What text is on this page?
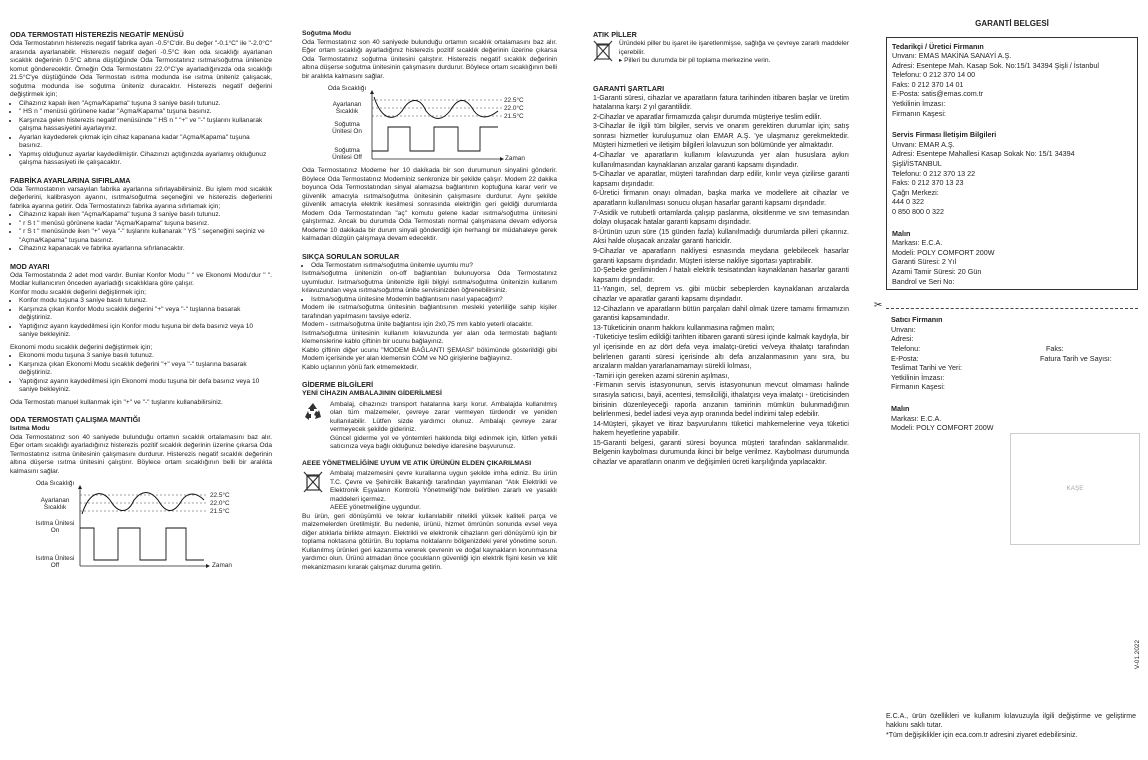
ODA TERMOSTATI HİSTEREZİS NEGATİF MENÜSÜ

Oda Termostatının histerezis negatif fabrika ayarı -0.5°C'dir. Bu değer "-0.1°C" ile "-2.0°C" arasında ayarlanabilir. Histerezis negatif değeri -0.5°C iken oda sıcaklığı ayarlanan sıcaklık değerinin 0.5°C altına düştüğünde Oda Termostatınız ısıtma/soğutma ünitenize komut gönderecektir. Örneğin Oda Termostatını 22.0°C'ye ayarladığınızda oda sıcaklığı 21.5°C'ye düştüğünde Oda Termostatı ısıtma modunda ise ısıtma üniteniz çalışacak, soğutma modunda ise soğutma üniteniz duracaktır. Histerezis negatif değerini değiştirmek için;

• Cihazınız kapalı iken "Açma/Kapama" tuşuna 3 saniye basılı tutunuz.
• " HS n " menüsü görünene kadar "Açma/Kapama" tuşuna basınız.
• Karşınıza gelen histerezis negatif menüsünde " HS n " "+" ve "-" tuşlarını kullanarak çalışma hassasiyetini ayarlayınız.
• Ayarları kaydederek çıkmak için cihaz kapanana kadar "Açma/Kapama" tuşuna basınız.
• Yapmış olduğunuz ayarlar kaydedilmiştir. Cihazınızı açtığınızda ayarlamış olduğunuz çalışma hassasiyeti ile çalışacaktır.
FABRİKA AYARLARINA SIFIRLAMA

Oda Termostatının varsayılan fabrika ayarlarına sıfırlayabilirsiniz. Bu işlem mod sıcaklık değerlerini, kalibrasyon ayarını, ısıtma/soğutma seçeneğini ve histerezis değerlerini fabrika ayarına getirir. Oda Termostatınızı fabrika ayarına sıfırlamak için;

• Cihazınız kapalı iken "Açma/Kapama" tuşuna 3 saniye basılı tutunuz.
• " r S t " menüsü görünene kadar "Açma/Kapama" tuşuna basınız.
• " r S t " menüsünde iken "+" veya "-" tuşlarını kullanarak " YS " seçeneğini seçiniz ve "Açma/Kapama" tuşuna basınız.
• Cihazınız kapanacak ve fabrika ayarlarına sıfırlanacaktır.
MOD AYARI

Oda Termostatında 2 adet mod vardır. Bunlar Konfor Modu " " ve Ekonomi Modu'dur " ". Modlar kullanıcının önceden ayarladığı sıcaklıklara göre çalışır.

Konfor modu sıcaklık değerini değiştirmek için;

• Konfor modu tuşuna 3 saniye basılı tutunuz.
• Karşınıza çıkan Konfor Modu sıcaklık değerini "+" veya "-" tuşlarına basarak değiştiriniz.
• Yaptığınız ayarın kaydedilmesi için Konfor modu tuşuna bir defa basınız veya 10 saniye bekleyiniz.

Ekonomi modu sıcaklık değerini değiştirmek için;

• Ekonomi modu tuşuna 3 saniye basılı tutunuz.
• Karşınıza çıkan Ekonomi Modu sıcaklık değerini "+" veya "-" tuşlarına basarak değiştiriniz.
• Yaptığınız ayarın kaydedilmesi için Ekonomi modu tuşuna bir defa basınız veya 10 saniye bekleyiniz.

Oda Termostatı manuel kullanmak için "+" ve "-" tuşlarını kullanabilirsiniz.

ODA TERMOSTATI ÇALIŞMA MANTIĞI
Isıtma Modu

Oda Termostatınız son 40 saniyede bulunduğu ortamın sıcaklık ortalamasını baz alır. Eğer ortam sıcaklığı ayarladığınız histerezis pozitif sıcaklık değerinin üzerine çıkarsa Oda Termostatınız ısıtma ünitesinin çalışmasını durdurur. Histerezis negatif sıcaklık değerinin altına düşerse ısıtma ünitesini çalıştırır. Böylece ortam sıcaklığının belli bir aralıkta kalmasını sağlar.

Oda Sıcaklığı
Ayarlanan Sıcaklık
Isıtma Ünitesi On
Isıtma Ünitesi Off
22.5°C
22.0°C
21.5°C
Zaman
Soğutma Modu

Oda Termostatınız son 40 saniyede bulunduğu ortamın sıcaklık ortalamasını baz alır. Eğer ortam sıcaklığı ayarladığınız histerezis pozitif sıcaklık değerinin üzerine çıkarsa Oda Termostatınız soğutma ünitesini çalıştırır. Histerezis negatif sıcaklık değerinin altına düşerse soğutma ünitesinin çalışmasını durdurur. Böylece ortam sıcaklığının belli bir aralıkta kalmasını sağlar.

Oda Sıcaklığı
Ayarlanan Sıcaklık
Soğutma Ünitesi On
Soğutma Ünitesi Off
22.5°C
22.0°C
21.5°C
Zaman

Oda Termostatınız Modeme her 10 dakikada bir son durumunun sinyalini gönderir. Böylece Oda Termostatınız Modeminiz senkronize bir şekilde çalışır. Modem 22 dakika boyunca Oda Termostatından sinyal alamazsa bağlantının koptuğuna karar verir ve güvenlik amacıyla ısıtma/soğutma ünitesinin çalışmasını durdurur. Aynı şekilde güvenlik amacıyla elektrik kesilmesi sonrasında elektriğin geri geldiği durumlarda Modem Oda Termostatından "aç" komutu gelene kadar ısıtma/soğutma ünitesini çalıştırmaz. Ancak bu durumda Oda Termostatı normal çalışmasına devam ediyorsa Modeme 10 dakikada bir durum sinyali gönderdiği için herhangi bir müdahaleye gerek kalmadan düzgün çalışmaya devam edecektir.

SIKÇA SORULAN SORULAR
• Oda Termostatım ısıtma/soğutma ünitemle uyumlu mu?

Isıtma/soğutma ünitenizin on-off bağlantıları bulunuyorsa Oda Termostatınız uyumludur. Isıtma/soğutma ünitenizle ilgili bilgiyi ısıtma/soğutma ünitenizin kullanım kılavuzundan veya ısıtma/soğutma ünite servisinizden öğrenebilirsiniz.

• Isıtma/soğutma ünitesine Modemin bağlantısını nasıl yapacağım?

Modem ile ısıtma/soğutma ünitesinin bağlantısının mesleki yeterliliğe sahip kişiler tarafından yapılmasını tavsiye ederiz.

Modem - ısıtma/soğutma ünite bağlantısı için 2x0,75 mm kablo yeterli olacaktır.

Isıtma/soğutma ünitesinin kullanım kılavuzunda yer alan oda termostatı bağlantı klemenslerine kablo çiftinin bir ucunu bağlayınız.

Kablo çiftinin diğer ucunu "MODEM BAĞLANTI ŞEMASI" bölümünde gösterildiği gibi Modem içerisinde yer alan klemensin COM ve NO girişlerine bağlayınız.

Kablo uçlarının yönü fark etmemektedir.

GİDERME BİLGİLERİ
YENİ CİHAZIN AMBALAJININ GİDERİLMESİ

Ambalaj, cihazınızı transport hatalarına karşı korur. Ambalajda kullanılmış olan tüm malzemeler, çevreye zarar vermeyen türdendir ve yeniden kullanılabilir. Lütfen sizde yardımcı olunuz. Ambalajı çevreye zarar vermeyecek şekilde gideriniz.

Güncel giderme yol ve yöntemleri hakkında bilgi edinmek için, lütfen yetkili satıcınıza veya bağlı olduğunuz belediye idaresine başvurunuz.

AEEE YÖNETMELİĞİNE UYUM VE ATIK ÜRÜNÜN ELDEN ÇIKARILMASI

Ambalaj malzemesini çevre kurallarına uygun şekilde imha ediniz. Bu ürün T.C. Çevre ve Şehircilik Bakanlığı tarafından yayımlanan "Atık Elektrikli ve Elektronik Eşyaların Kontrolü Yönetmeliği"nde belirtilen zararlı ve yasaklı maddeleri içermez.

AEEE yönetmeliğine uygundur.

Bu ürün, geri dönüşümlü ve tekrar kullanılabilir nitelikli yüksek kaliteli parça ve malzemelerden üretilmiştir. Bu nedenle, ürünü, hizmet ömrünün sonunda evsel veya diğer atıklarla birlikte atmayın. Elektrikli ve elektronik cihazların geri dönüşümü için bir toplama noktasına götürün. Bu toplama noktalarını bölgenizdeki yerel yönetime sorun. Kullanılmış ürünleri geri kazanıma vererek çevrenin ve doğal kaynakların korunmasına yardımcı olun. Ürünü atmadan önce çocukların güvenliği için elektrik fişini kesin ve kilit mekanizmasını kırarak çalışmaz duruma getirin.

ATIK PİLLER

Üründeki piller bu işaret ile işaretlenmişse, sağlığa ve çevreye zararlı maddeler içerebilir.

▸ Pilleri bu durumda bir pil toplama merkezine verin.

GARANTİ ŞARTLARI

1-Garanti süresi, cihazlar ve aparatların fatura tarihinden itibaren başlar ve üretim hatalarına karşı 2 yıl garantilidir.

2-Cihazlar ve aparatlar firmamızda çalışır durumda müşteriye teslim edilir.

3-Cihazlar ile ilgili tüm bilgiler, servis ve onarım gerektiren durumlar için; satış sonrası hizmetler kuruluşumuz olan EMAR A.Ş. 'ye ulaşmanız gerekmektedir. Müşteri hizmetleri ve iletişim bilgileri kılavuzun son bölümünde yer almaktadır.

4-Cihazlar ve aparatların kullanım kılavuzunda yer alan hususlara aykırı kullanılmasından kaynaklanan arızalar garanti kapsamı dışındadır.

5-Cihazlar ve aparatlar, müşteri tarafından darp edilir, kırılır veya çizilirse garanti kapsamı dışındadır.

6-Üretici firmanın onayı olmadan, başka marka ve modellere ait cihazlar ve aparatların kullanılması sonucu oluşan hasarlar garanti kapsamı dışındadır.

7-Asidik ve rutubetli ortamlarda çalışıp paslanma, oksitlenme ve sıvı temasından dolayı oluşacak hatalar garanti kapsamı dışındadır.

8-Ürünün uzun süre (15 günden fazla) kullanılmadığı durumlarda pilleri çıkarınız. Aksi halde oluşacak arızalar garanti haricidir.

9-Cihazlar ve aparatların nakliyesi esnasında meydana gelebilecek hasarlar garanti kapsamı dışındadır. Müşteri isterse nakliye sigortası yaptırabilir.

10-Şebeke geriliminden / hatalı elektrik tesisatından kaynaklanan hasarlar garanti kapsamı dışındadır.

11-Yangın, sel, deprem vs. gibi mücbir sebeplerden kaynaklanan arızalarda cihazlar ve aparatlar garanti kapsamı dışındadır.

12-Cihazların ve aparatların bütün parçaları dahil olmak üzere tamamı firmamızın garantisi kapsamındadır.

13-Tüketicinin onarım hakkını kullanmasına rağmen malın;

-Tüketiciye teslim edildiği tarihten itibaren garanti süresi içinde kalmak kaydıyla, bir yıl içerisinde en az dört defa veya imalatçı-üretici ve/veya ithalatçı tarafından belirlenen garanti süresi içerisinde altı defa arızalanmasının yanı sıra, bu arızaların maldan yararlanamamayı sürekli kılması,

-Tamiri için gereken azami sürenin aşılması,

-Firmanın servis istasyonunun, servis istasyonunun mevcut olmaması halinde sırasıyla satıcısı, bayii, acentesi, temsilciliği, ithalatçısı veya imalatçı - üreticisinden birisinin düzenleyeceği raporla arızanın tamirinin mümkün bulunmadığının belirlenmesi, bedel iadesi veya ayıp oranında bedel indirimi talep edebilir.

14-Müşteri, şikayet ve itiraz başvurularını tüketici mahkemelerine veya tüketici hakem heyetlerine yapabilir.

15-Garanti belgesi, garanti süresi boyunca müşteri tarafından saklanmalıdır. Belgenin kaybolması durumunda ikinci bir belge verilmez. Kaybolması durumunda cihazlar ve aparatların onarım ve değişimleri ücreti karşılığında yapılacaktır.

GARANTİ BELGESİ
Tedarikçi / Üretici Firmanın
Unvanı: EMAS MAKİNA SANAYİ A.Ş.
Adresi: Esentepe Mah. Kasap Sok. No:15/1 34394 Şişli / İstanbul
Telefonu: 0 212 370 14 00
Faks: 0 212 370 14 01
E-Posta: satis@emas.com.tr
Yetkilinin İmzası:
Firmanın Kaşesi:
Servis Firması İletişim Bilgileri
Unvanı: EMAR A.Ş.
Adresi: Esentepe Mahallesi Kasap Sokak No: 15/1 34394
Şişli/İSTANBUL
Telefonu: 0 212 370 13 22
Faks: 0 212 370 13 23
Çağrı Merkezi:
444 0 322
0 850 800 0 322
Malın
Markası: E.C.A.
Modeli: POLY COMFORT 200W
Garanti Süresi: 2 Yıl
Azami Tamir Süresi: 20 Gün
Bandrol ve Seri No:
✂
Satıcı Firmanın
Unvanı:
Adresi:
Telefonu:	Faks:
E-Posta:	Fatura Tarih ve Sayısı:
Teslimat Tarihi ve Yeri:
Yetkilinin İmzası:
Firmanın Kaşesi:
Malın
Markası: E.C.A.
Modeli: POLY COMFORT 200W
KAŞE
V-01.2022

E.C.A., ürün özellikleri ve kullanım kılavuzuyla ilgili değiştirme ve geliştirme hakkını saklı tutar.

*Tüm değişiklikler için eca.com.tr adresini ziyaret edebilirsiniz.
